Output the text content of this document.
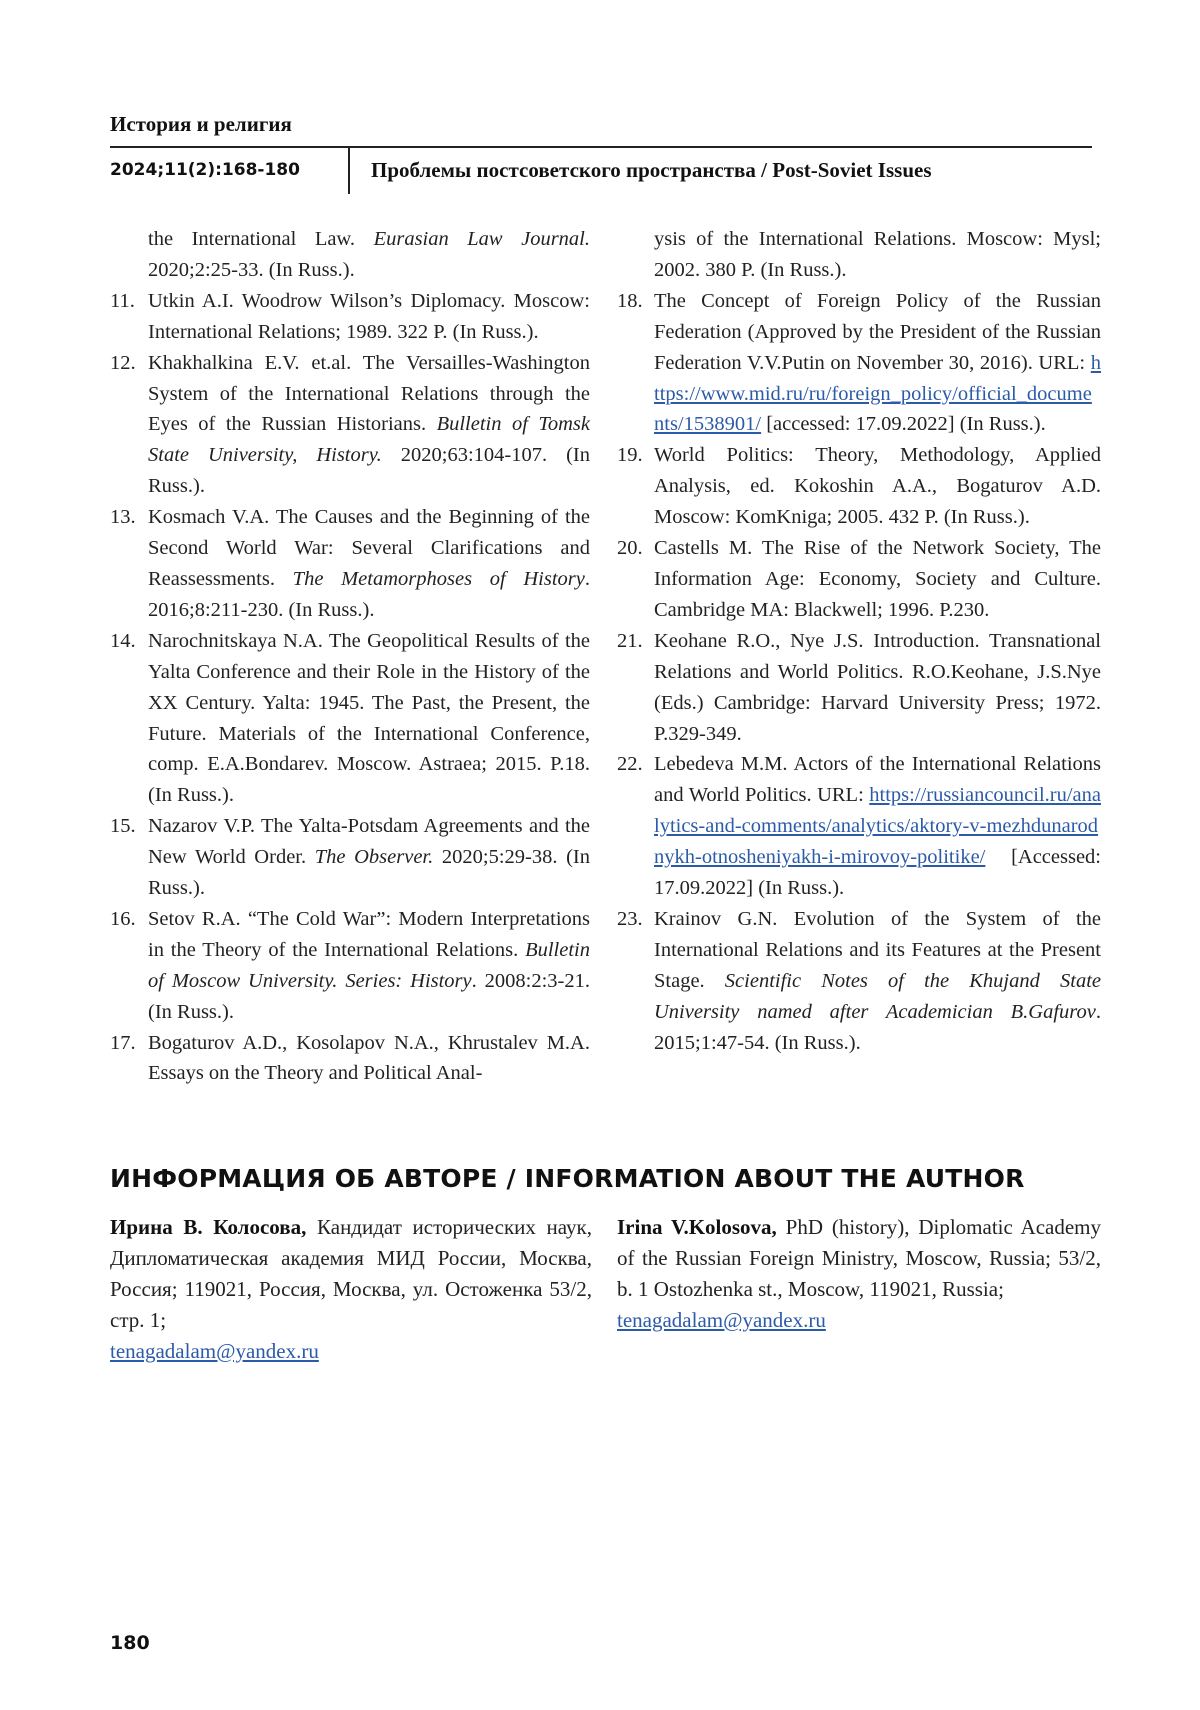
История и религия
2024;11(2):168-180	Проблемы постсоветского пространства / Post-Soviet Issues
the International Law. Eurasian Law Journal. 2020;2:25-33. (In Russ.).
11. Utkin A.I. Woodrow Wilson’s Diplomacy. Moscow: International Relations; 1989. 322 P. (In Russ.).
12. Khakhalkina E.V. et.al. The Versailles-Washington System of the International Relations through the Eyes of the Russian Historians. Bulletin of Tomsk State University, History. 2020;63:104-107. (In Russ.).
13. Kosmach V.A. The Causes and the Beginning of the Second World War: Several Clarifications and Reassessments. The Metamorphoses of History. 2016;8:211-230. (In Russ.).
14. Narochnitskaya N.A. The Geopolitical Results of the Yalta Conference and their Role in the History of the XX Century. Yalta: 1945. The Past, the Present, the Future. Materials of the International Conference, comp. E.A.Bondarev. Moscow. Astraea; 2015. P.18. (In Russ.).
15. Nazarov V.P. The Yalta-Potsdam Agreements and the New World Order. The Observer. 2020;5:29-38. (In Russ.).
16. Setov R.A. “The Cold War”: Modern Interpretations in the Theory of the International Relations. Bulletin of Moscow University. Series: History. 2008:2:3-21. (In Russ.).
17. Bogaturov A.D., Kosolapov N.A., Khrustalev M.A. Essays on the Theory and Political Anal-
ysis of the International Relations. Moscow: Mysl; 2002. 380 P. (In Russ.).
18. The Concept of Foreign Policy of the Russian Federation (Approved by the President of the Russian Federation V.V.Putin on November 30, 2016). URL: https://www.mid.ru/ru/foreign_policy/official_documents/1538901/ [accessed: 17.09.2022] (In Russ.).
19. World Politics: Theory, Methodology, Applied Analysis, ed. Kokoshin A.A., Bogaturov A.D. Moscow: KomKniga; 2005. 432 P. (In Russ.).
20. Castells M. The Rise of the Network Society, The Information Age: Economy, Society and Culture. Cambridge MA: Blackwell; 1996. P.230.
21. Keohane R.O., Nye J.S. Introduction. Transnational Relations and World Politics. R.O.Keohane, J.S.Nye (Eds.) Cambridge: Harvard University Press; 1972. P.329-349.
22. Lebedeva M.M. Actors of the International Relations and World Politics. URL: https://russiancouncil.ru/analytics-and-comments/analytics/aktory-v-mezhdunarodnykh-otnosheniyakh-i-mirovoy-politike/ [Accessed: 17.09.2022] (In Russ.).
23. Krainov G.N. Evolution of the System of the International Relations and its Features at the Present Stage. Scientific Notes of the Khujand State University named after Academician B.Gafurov. 2015;1:47-54. (In Russ.).
ИНФОРМАЦИЯ ОБ АВТОРЕ / INFORMATION ABOUT THE AUTHOR
Ирина В. Колосова, Кандидат исторических наук, Дипломатическая академия МИД России, Москва, Россия; 119021, Россия, Москва, ул. Остоженка 53/2, стр. 1;
tenagadalam@yandex.ru
Irina V.Kolosova, PhD (history), Diplomatic Academy of the Russian Foreign Ministry, Moscow, Russia; 53/2, b. 1 Ostozhenka st., Moscow, 119021, Russia;
tenagadalam@yandex.ru
180
